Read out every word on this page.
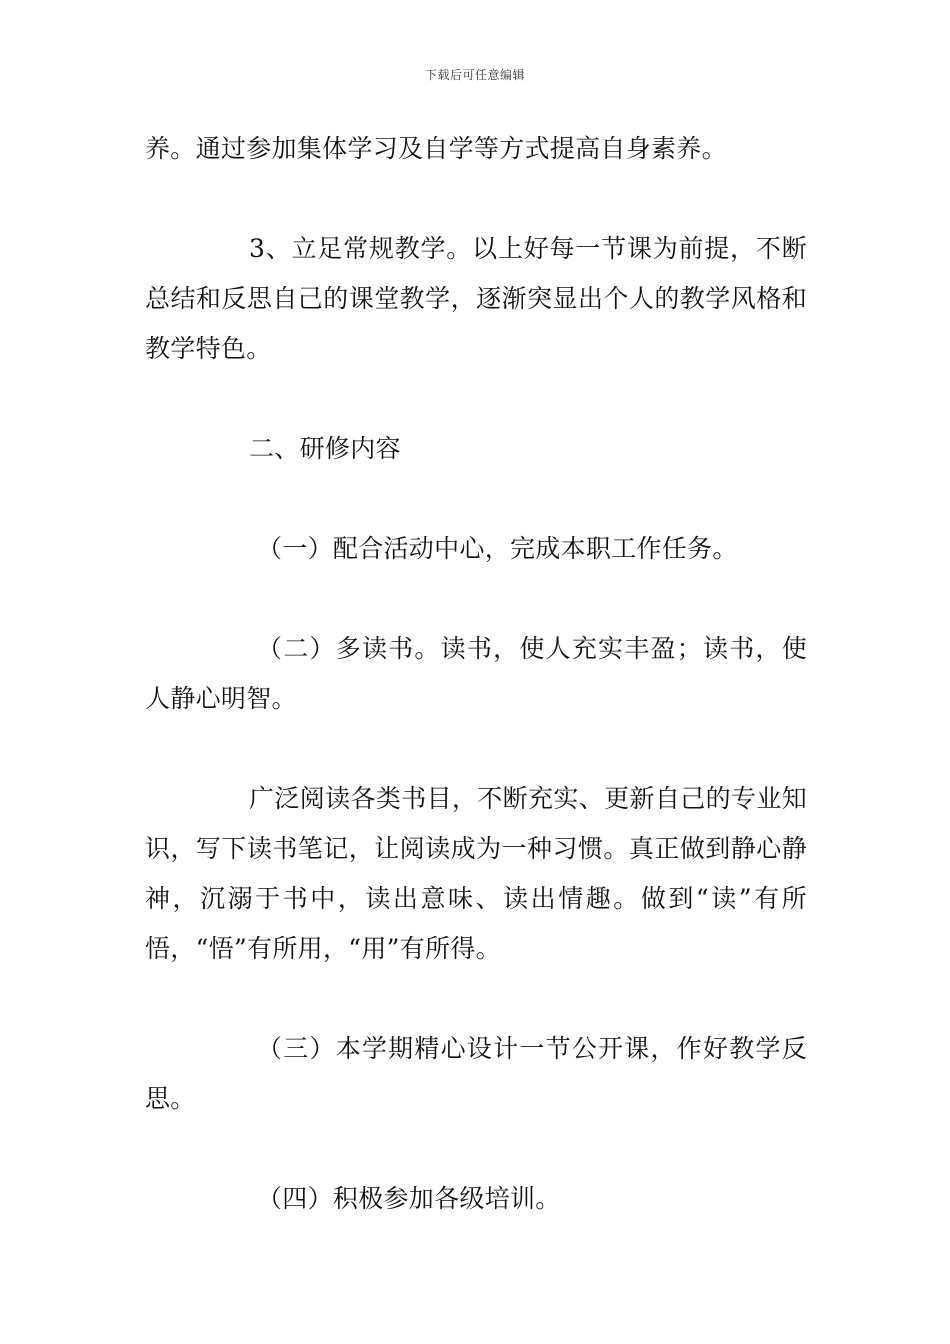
下载后可任意编辑

养。通过参加集体学习及自学等方式提高自身素养。

3、立足常规教学。以上好每一节课为前提，不断总结和反思自己的课堂教学，逐渐突显出个人的教学风格和教学特色。

二、研修内容

（一）配合活动中心，完成本职工作任务。

（二）多读书。读书，使人充实丰盈；读书，使人静心明智。

广泛阅读各类书目，不断充实、更新自己的专业知识，写下读书笔记，让阅读成为一种习惯。真正做到静心静神，沉溺于书中，读出意味、读出情趣。做到“读”有所悟，“悟”有所用，“用”有所得。

（三）本学期精心设计一节公开课，作好教学反思。

（四）积极参加各级培训。
